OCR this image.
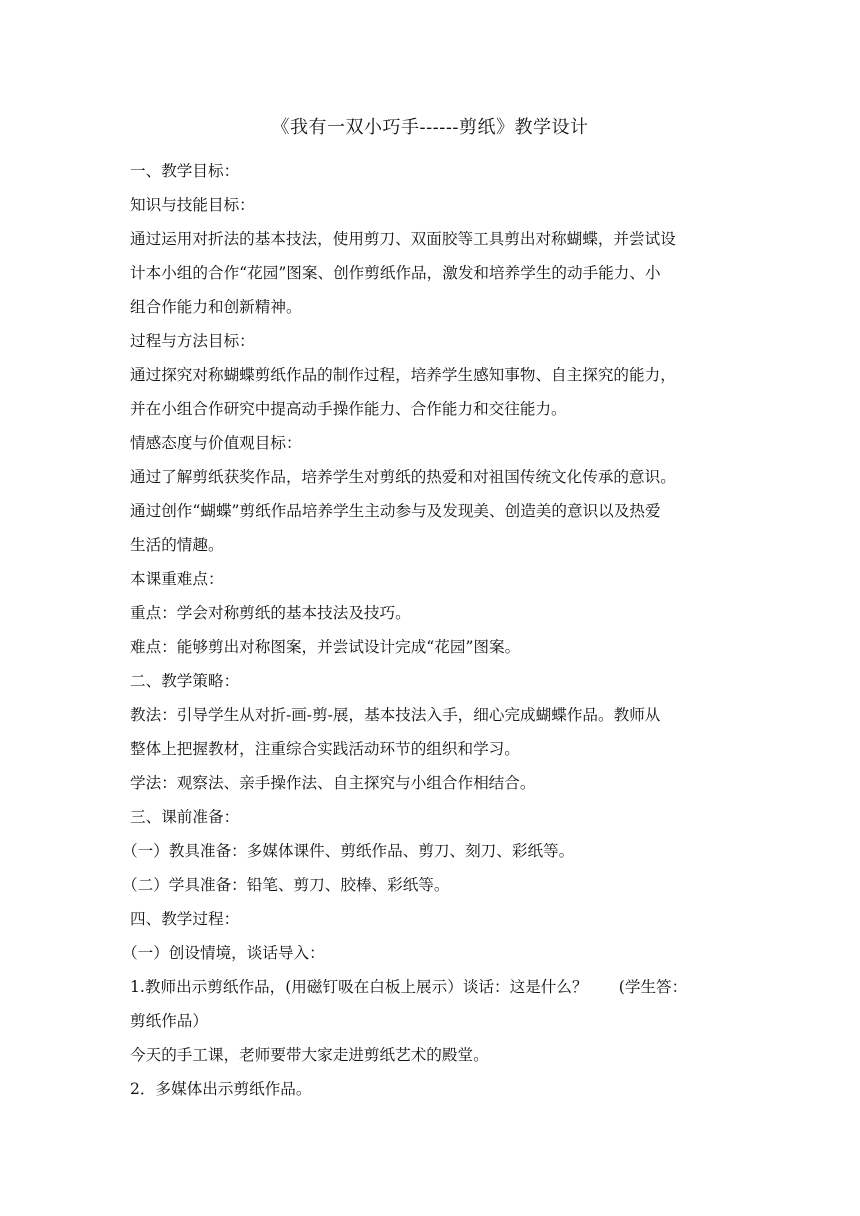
《我有一双小巧手------剪纸》教学设计

一、教学目标：

知识与技能目标：

通过运用对折法的基本技法，使用剪刀、双面胶等工具剪出对称蝴蝶，并尝试设

计本小组的合作“花园”图案、创作剪纸作品，激发和培养学生的动手能力、小

组合作能力和创新精神。

过程与方法目标：

通过探究对称蝴蝶剪纸作品的制作过程，培养学生感知事物、自主探究的能力，

并在小组合作研究中提高动手操作能力、合作能力和交往能力。

情感态度与价值观目标：

通过了解剪纸获奖作品，培养学生对剪纸的热爱和对祖国传统文化传承的意识。

通过创作“蝴蝶”剪纸作品培养学生主动参与及发现美、创造美的意识以及热爱

生活的情趣。

本课重难点：

重点：学会对称剪纸的基本技法及技巧。

难点：能够剪出对称图案，并尝试设计完成“花园”图案。

二、教学策略：

教法：引导学生从对折-画-剪-展，基本技法入手，细心完成蝴蝶作品。教师从

整体上把握教材，注重综合实践活动环节的组织和学习。

学法：观察法、亲手操作法、自主探究与小组合作相结合。

三、课前准备：

（一）教具准备：多媒体课件、剪纸作品、剪刀、刻刀、彩纸等。

（二）学具准备：铅笔、剪刀、胶棒、彩纸等。

四、教学过程：

（一）创设情境，谈话导入：

1.教师出示剪纸作品，(用磁钉吸在白板上展示）谈话：这是什么？　　(学生答：

剪纸作品）

今天的手工课，老师要带大家走进剪纸艺术的殿堂。

2．多媒体出示剪纸作品。
